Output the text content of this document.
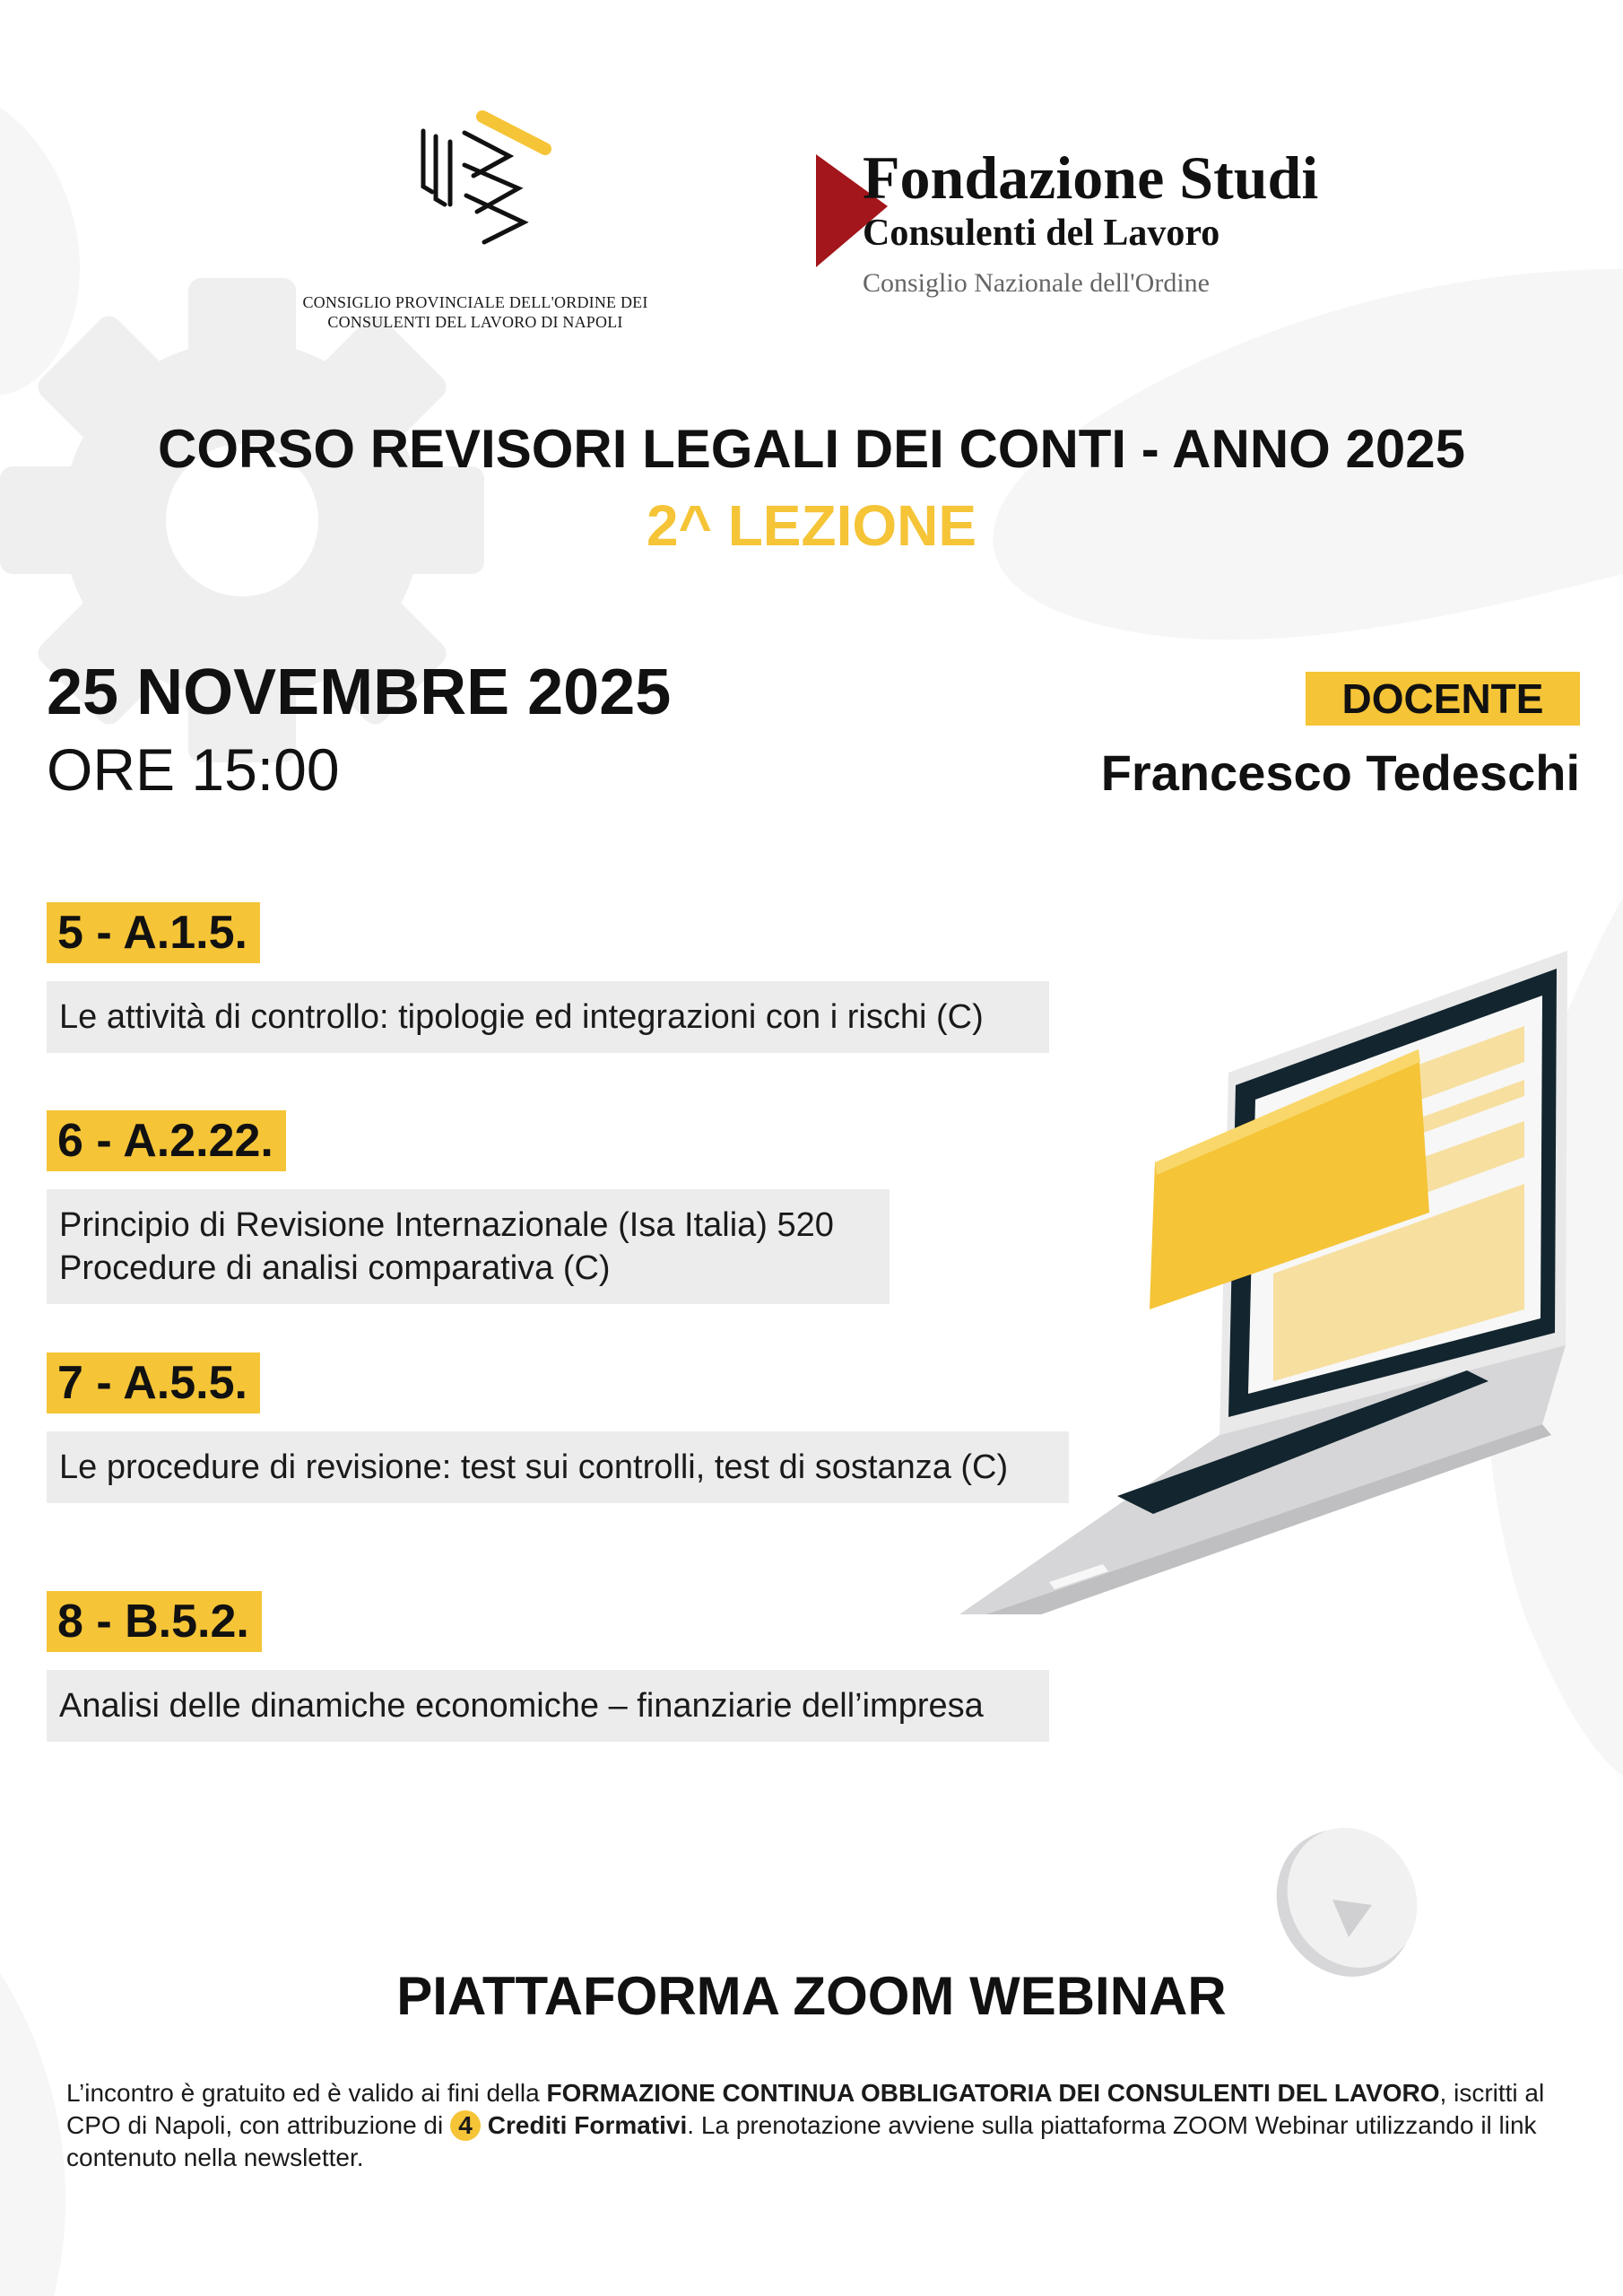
CONSIGLIO PROVINCIALE DELL'ORDINE DEI
CONSULENTI DEL LAVORO DI NAPOLI
Fondazione Studi
Consulenti del Lavoro
Consiglio Nazionale dell'Ordine
CORSO REVISORI LEGALI DEI CONTI - ANNO 2025
2^ LEZIONE
25 NOVEMBRE 2025
ORE 15:00
DOCENTE
Francesco Tedeschi
5 - A.1.5.
Le attività di controllo: tipologie ed integrazioni con i rischi (C)
6 - A.2.22.
Principio di Revisione Internazionale (Isa Italia) 520
Procedure di analisi comparativa (C)
7 - A.5.5.
Le procedure di revisione: test sui controlli, test di sostanza (C)
8 - B.5.2.
Analisi delle dinamiche economiche – finanziarie dell’impresa
PIATTAFORMA ZOOM WEBINAR
L’incontro è gratuito ed è valido ai fini della FORMAZIONE CONTINUA OBBLIGATORIA DEI CONSULENTI DEL LAVORO, iscritti al CPO di Napoli, con attribuzione di 4 Crediti Formativi. La prenotazione avviene sulla piattaforma ZOOM Webinar utilizzando il link contenuto nella newsletter.
